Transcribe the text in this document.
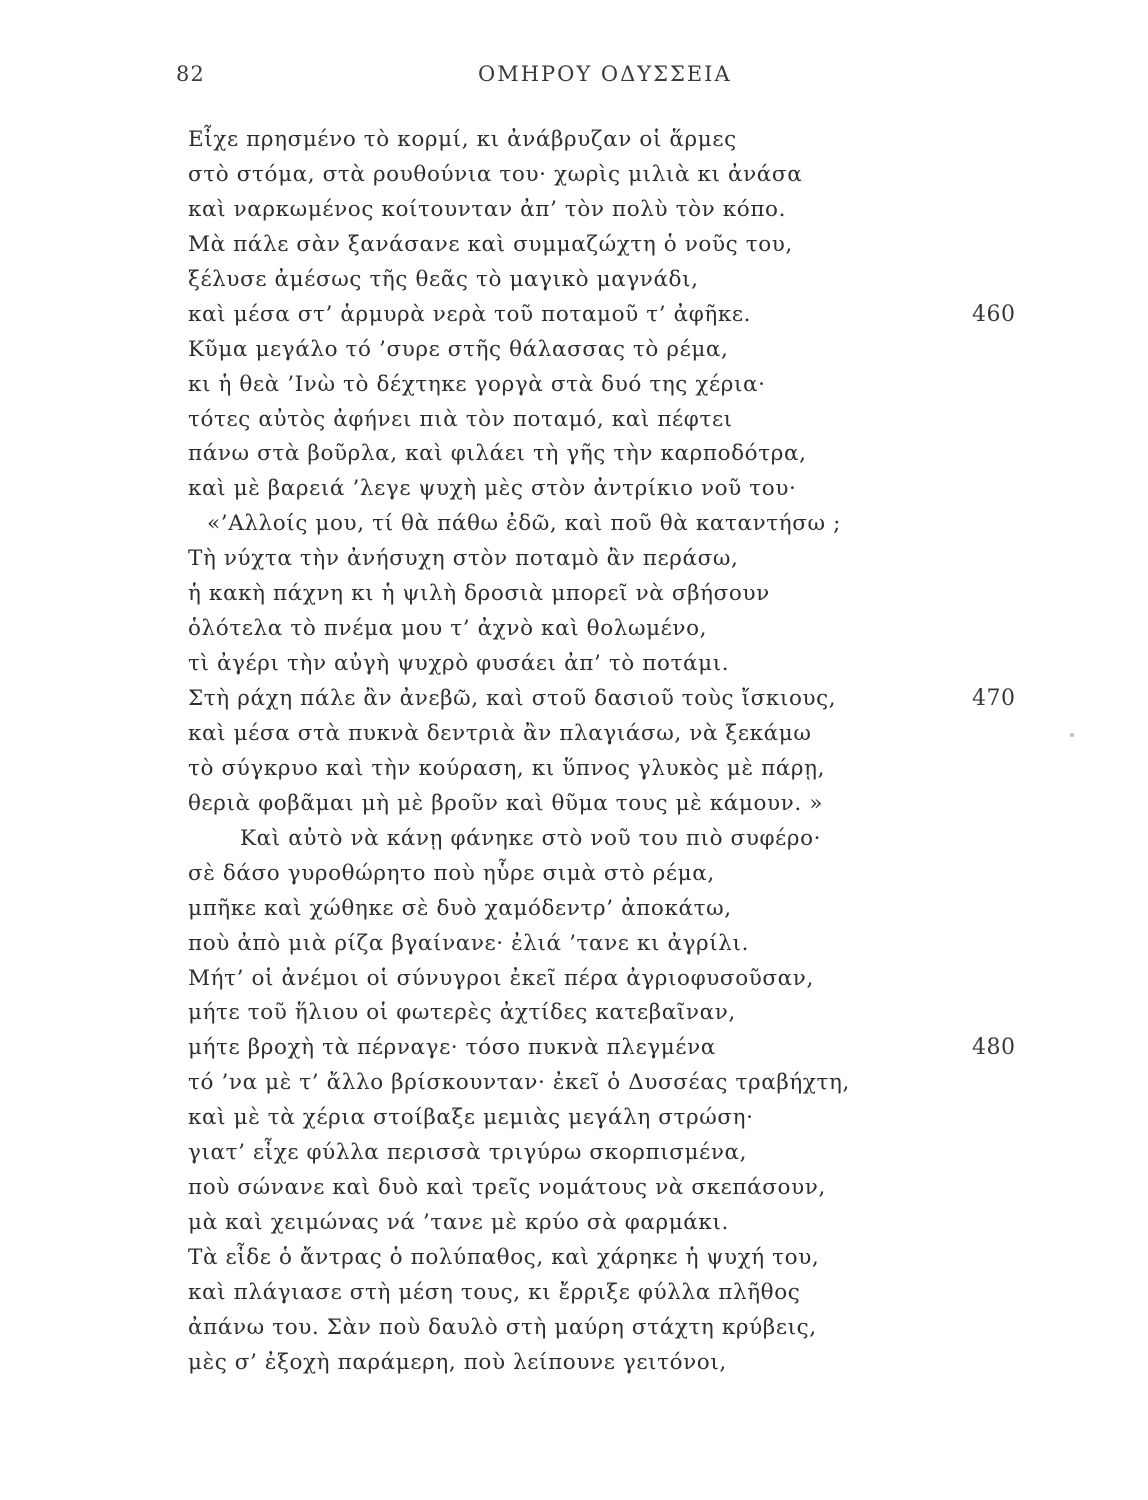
82	ΟΜΗΡΟΥ ΟΔΥΣΣΕΙΑ
Εἶχε πρησμένο τὸ κορμί, κι ἀνάβρυζαν οἱ ἅρμες
στὸ στόμα, στὰ ρουθούνια του· χωρὶς μιλιὰ κι ἀνάσα
καὶ ναρκωμένος κοίτουνταν ἀπ’ τὸν πολὺ τὸν κόπο.
Μὰ πάλε σὰν ξανάσανε καὶ συμμαζώχτη ὁ νοῦς του,
ξέλυσε ἀμέσως τῆς θεᾶς τὸ μαγικὸ μαγνάδι,
καὶ μέσα στ’ ἁρμυρὰ νερὰ τοῦ ποταμοῦ τ’ ἀφῆκε.	460
Κῦμα μεγάλο τό ’συρε στῆς θάλασσας τὸ ρέμα,
κι ἡ θεὰ ’Ινὼ τὸ δέχτηκε γοργὰ στὰ δυό της χέρια·
τότες αὐτὸς ἀφήνει πιὰ τὸν ποταμό, καὶ πέφτει
πάνω στὰ βοῦρλα, καὶ φιλάει τὴ γῆς τὴν καρποδότρα,
καὶ μὲ βαρειά ’λεγε ψυχὴ μὲς στὸν ἀντρίκιο νοῦ του·
«’Αλλοίς μου, τί θὰ πάθω ἐδῶ, καὶ ποῦ θὰ καταντήσω ;
Τὴ νύχτα τὴν ἀνήσυχη στὸν ποταμὸ ἂν περάσω,
ἡ κακὴ πάχνη κι ἡ ψιλὴ δροσιὰ μπορεῖ νὰ σβήσουν
ὁλότελα τὸ πνέμα μου τ’ ἀχνὸ καὶ θολωμένο,
τὶ ἀγέρι τὴν αὐγὴ ψυχρὸ φυσάει ἀπ’ τὸ ποτάμι.
Στὴ ράχη πάλε ἂν ἀνεβῶ, καὶ στοῦ δασιοῦ τοὺς ἴσκιους,	470
καὶ μέσα στὰ πυκνὰ δεντριὰ ἂν πλαγιάσω, νὰ ξεκάμω
τὸ σύγκρυο καὶ τὴν κούραση, κι ὕπνος γλυκὸς μὲ πάρῃ,
θεριὰ φοβᾶμαι μὴ μὲ βροῦν καὶ θῦμα τους μὲ κάμουν. »
Καὶ αὐτὸ νὰ κάνῃ φάνηκε στὸ νοῦ του πιὸ συφέρο·
σὲ δάσο γυροθώρητο ποὺ ηὗρε σιμὰ στὸ ρέμα,
μπῆκε καὶ χώθηκε σὲ δυὸ χαμόδεντρ’ ἀποκάτω,
ποὺ ἀπὸ μιὰ ρίζα βγαίνανε· ἐλιά ’τανε κι ἀγρίλι.
Μήτ’ οἱ ἀνέμοι οἱ σύνυγροι ἐκεῖ πέρα ἀγριοφυσοῦσαν,
μήτε τοῦ ἥλιου οἱ φωτερὲς ἀχτίδες κατεβαῖναν,
μήτε βροχὴ τὰ πέρναγε· τόσο πυκνὰ πλεγμένα	480
τό ’να μὲ τ’ ἄλλο βρίσκουνταν· ἐκεῖ ὁ Δυσσέας τραβήχτη,
καὶ μὲ τὰ χέρια στοίβαξε μεμιὰς μεγάλη στρώση·
γιατ’ εἶχε φύλλα περισσὰ τριγύρω σκορπισμένα,
ποὺ σώνανε καὶ δυὸ καὶ τρεῖς νομάτους νὰ σκεπάσουν,
μὰ καὶ χειμώνας νά ’τανε μὲ κρύο σὰ φαρμάκι.
Τὰ εἶδε ὁ ἄντρας ὁ πολύπαθος, καὶ χάρηκε ἡ ψυχή του,
καὶ πλάγιασε στὴ μέση τους, κι ἔρριξε φύλλα πλῆθος
ἀπάνω του. Σὰν ποὺ δαυλὸ στὴ μαύρη στάχτη κρύβεις,
μὲς σ’ ἐξοχὴ παράμερη, ποὺ λείπουνε γειτόνοι,
